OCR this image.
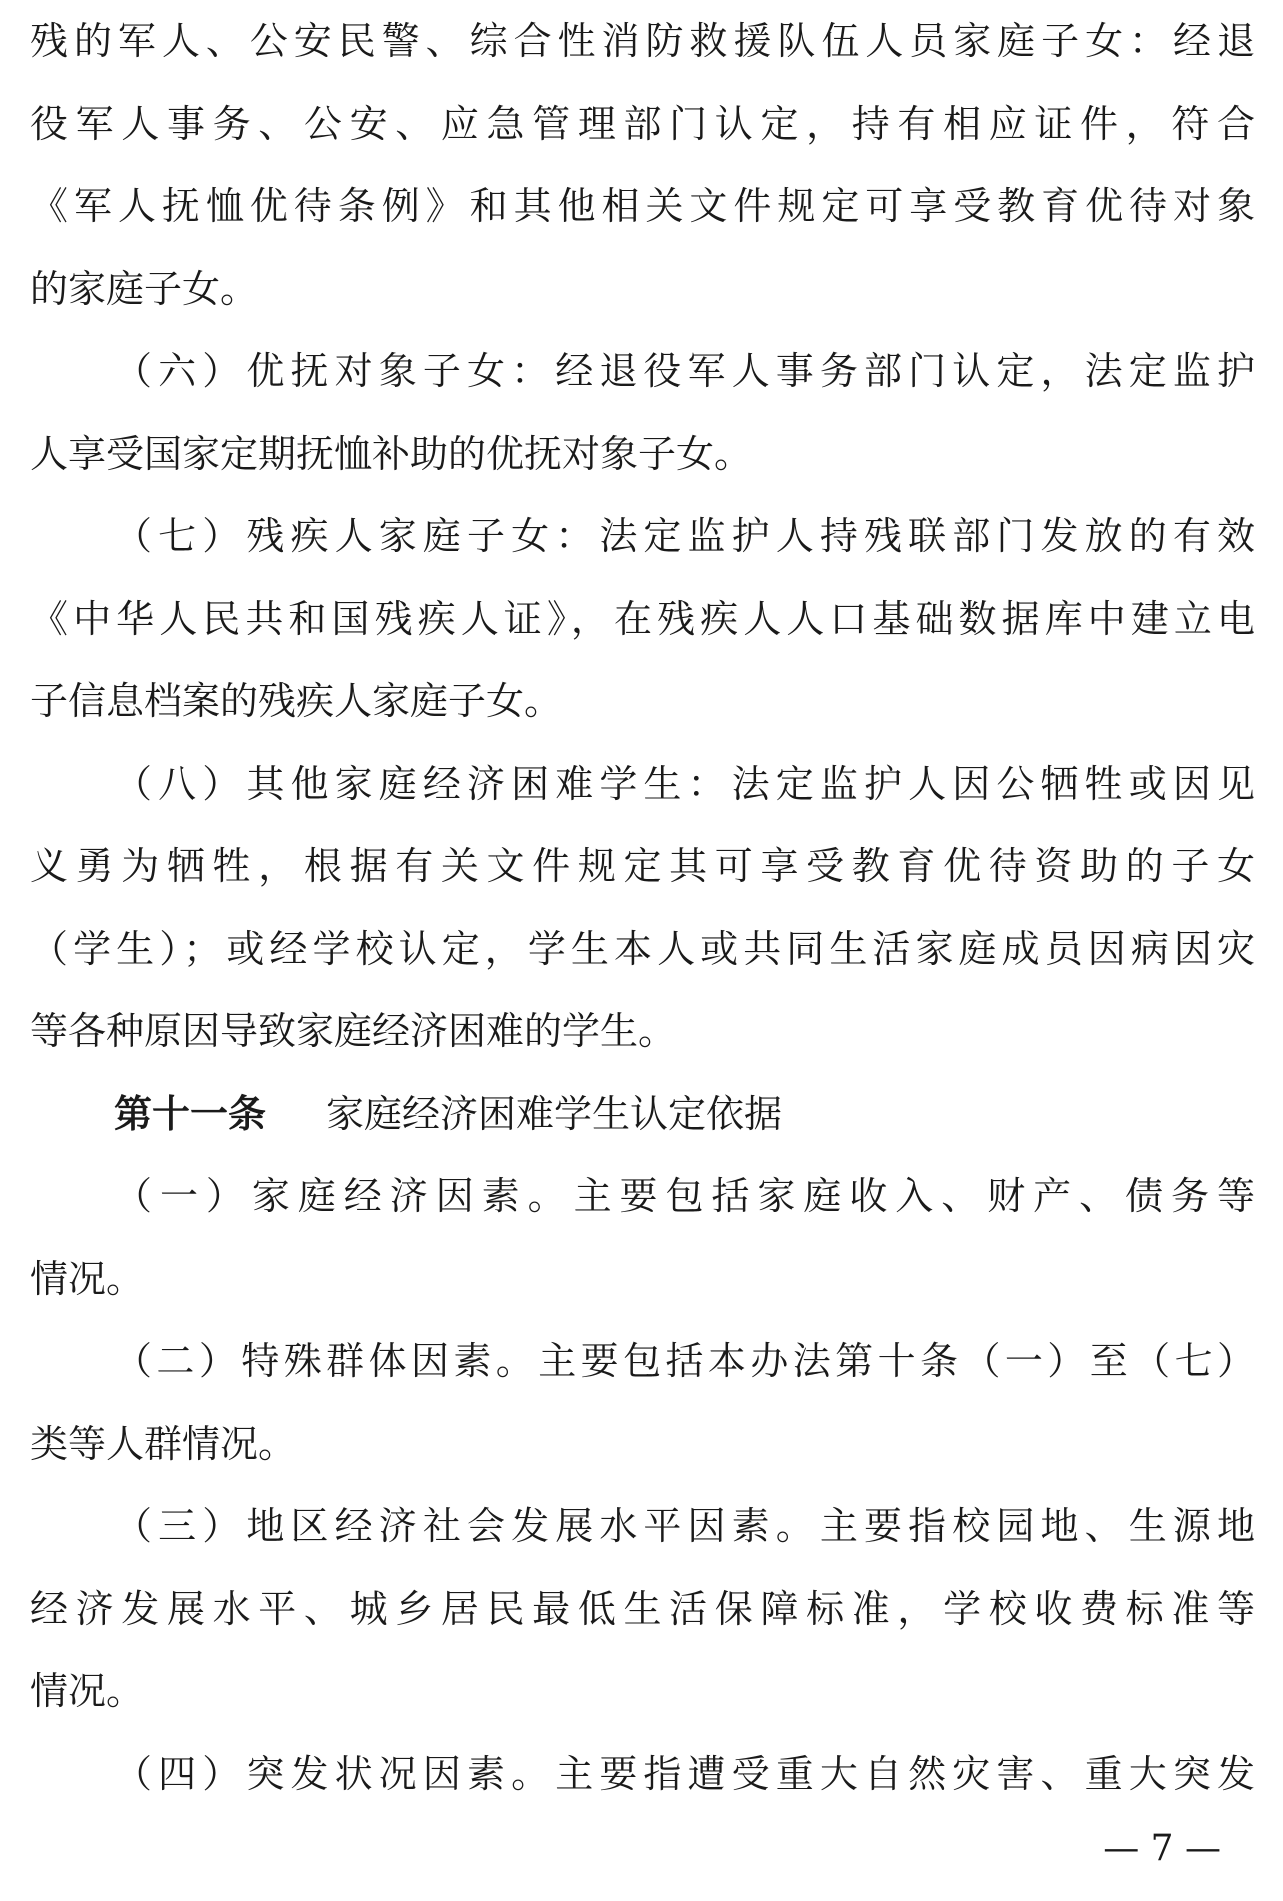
残的军人、公安民警、综合性消防救援队伍人员家庭子女：经退
役军人事务、公安、应急管理部门认定，持有相应证件，符合
《军人抚恤优待条例》和其他相关文件规定可享受教育优待对象
的家庭子女。
（六）优抚对象子女：经退役军人事务部门认定，法定监护
人享受国家定期抚恤补助的优抚对象子女。
（七）残疾人家庭子女：法定监护人持残联部门发放的有效
《中华人民共和国残疾人证》，在残疾人人口基础数据库中建立电
子信息档案的残疾人家庭子女。
（八）其他家庭经济困难学生：法定监护人因公牺牲或因见
义勇为牺牲，根据有关文件规定其可享受教育优待资助的子女
（学生）；或经学校认定，学生本人或共同生活家庭成员因病因灾
等各种原因导致家庭经济困难的学生。
第十一条 家庭经济困难学生认定依据
（一）家庭经济因素。主要包括家庭收入、财产、债务等
情况。
（二）特殊群体因素。主要包括本办法第十条（一）至（七）
类等人群情况。
（三）地区经济社会发展水平因素。主要指校园地、生源地
经济发展水平、城乡居民最低生活保障标准，学校收费标准等
情况。
（四）突发状况因素。主要指遭受重大自然灾害、重大突发
— 7 —
